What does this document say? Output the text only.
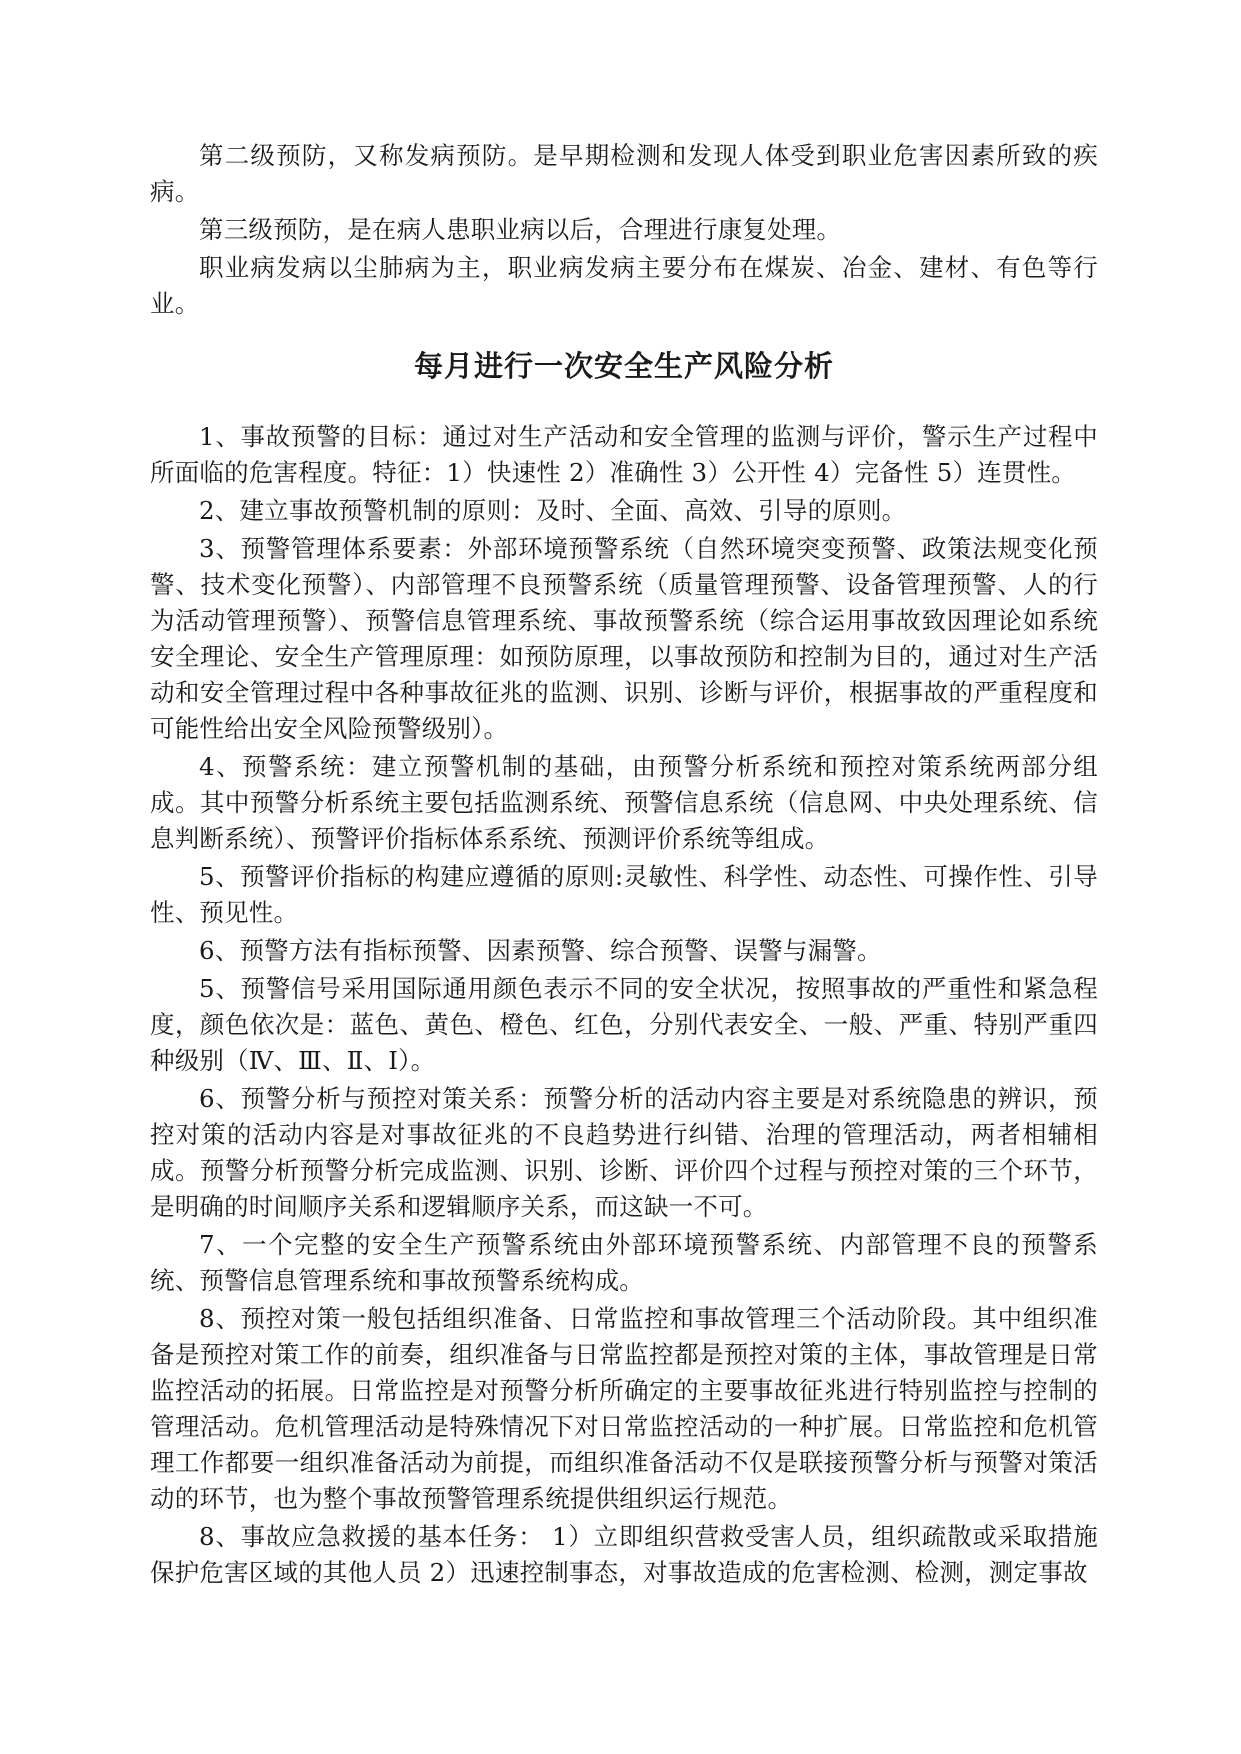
第二级预防，又称发病预防。是早期检测和发现人体受到职业危害因素所致的疾病。

第三级预防，是在病人患职业病以后，合理进行康复处理。

职业病发病以尘肺病为主，职业病发病主要分布在煤炭、冶金、建材、有色等行业。

每月进行一次安全生产风险分析

1、事故预警的目标：通过对生产活动和安全管理的监测与评价，警示生产过程中所面临的危害程度。特征：1）快速性 2）准确性 3）公开性 4）完备性 5）连贯性。

2、建立事故预警机制的原则：及时、全面、高效、引导的原则。

3、预警管理体系要素：外部环境预警系统（自然环境突变预警、政策法规变化预警、技术变化预警）、内部管理不良预警系统（质量管理预警、设备管理预警、人的行为活动管理预警）、预警信息管理系统、事故预警系统（综合运用事故致因理论如系统安全理论、安全生产管理原理：如预防原理，以事故预防和控制为目的，通过对生产活动和安全管理过程中各种事故征兆的监测、识别、诊断与评价，根据事故的严重程度和可能性给出安全风险预警级别）。

4、预警系统：建立预警机制的基础，由预警分析系统和预控对策系统两部分组成。其中预警分析系统主要包括监测系统、预警信息系统（信息网、中央处理系统、信息判断系统）、预警评价指标体系系统、预测评价系统等组成。

5、预警评价指标的构建应遵循的原则:灵敏性、科学性、动态性、可操作性、引导性、预见性。

6、预警方法有指标预警、因素预警、综合预警、误警与漏警。

5、预警信号采用国际通用颜色表示不同的安全状况，按照事故的严重性和紧急程度，颜色依次是：蓝色、黄色、橙色、红色，分别代表安全、一般、严重、特别严重四种级别（Ⅳ、Ⅲ、Ⅱ、Ⅰ）。

6、预警分析与预控对策关系：预警分析的活动内容主要是对系统隐患的辨识，预控对策的活动内容是对事故征兆的不良趋势进行纠错、治理的管理活动，两者相辅相成。预警分析预警分析完成监测、识别、诊断、评价四个过程与预控对策的三个环节，是明确的时间顺序关系和逻辑顺序关系，而这缺一不可。

7、一个完整的安全生产预警系统由外部环境预警系统、内部管理不良的预警系统、预警信息管理系统和事故预警系统构成。

8、预控对策一般包括组织准备、日常监控和事故管理三个活动阶段。其中组织准备是预控对策工作的前奏，组织准备与日常监控都是预控对策的主体，事故管理是日常监控活动的拓展。日常监控是对预警分析所确定的主要事故征兆进行特别监控与控制的管理活动。危机管理活动是特殊情况下对日常监控活动的一种扩展。日常监控和危机管理工作都要一组织准备活动为前提，而组织准备活动不仅是联接预警分析与预警对策活动的环节，也为整个事故预警管理系统提供组织运行规范。

8、事故应急救援的基本任务： 1）立即组织营救受害人员，组织疏散或采取措施保护危害区域的其他人员 2）迅速控制事态，对事故造成的危害检测、检测，测定事故
